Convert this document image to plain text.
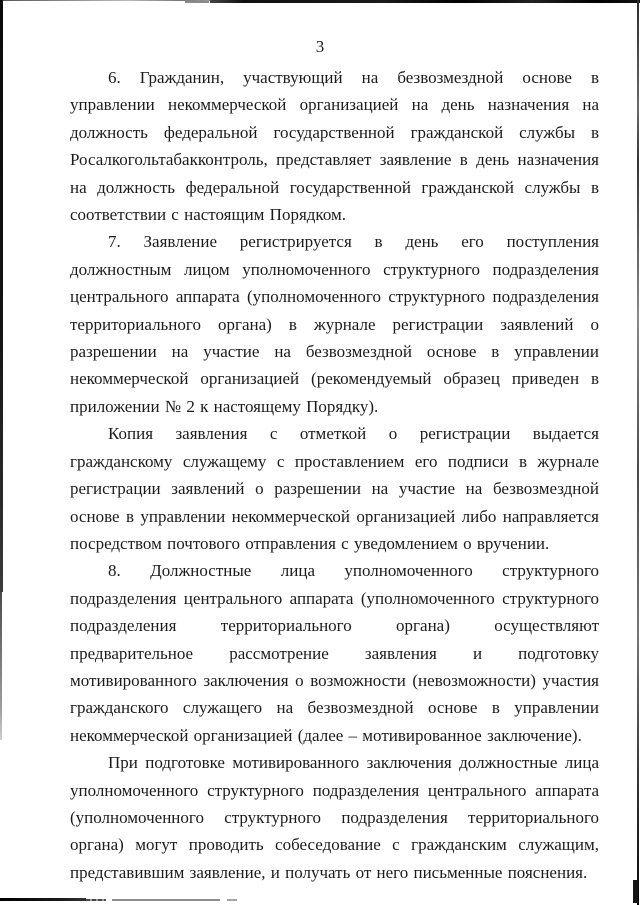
3

6. Гражданин, участвующий на безвозмездной основе в управлении некоммерческой организацией на день назначения на должность федеральной государственной гражданской службы в Росалкогольтабакконтроль, представляет заявление в день назначения на должность федеральной государственной гражданской службы в соответствии с настоящим Порядком.

7. Заявление регистрируется в день его поступления должностным лицом уполномоченного структурного подразделения центрального аппарата (уполномоченного структурного подразделения территориального органа) в журнале регистрации заявлений о разрешении на участие на безвозмездной основе в управлении некоммерческой организацией (рекомендуемый образец приведен в приложении № 2 к настоящему Порядку).

Копия заявления с отметкой о регистрации выдается гражданскому служащему с проставлением его подписи в журнале регистрации заявлений о разрешении на участие на безвозмездной основе в управлении некоммерческой организацией либо направляется посредством почтового отправления с уведомлением о вручении.

8. Должностные лица уполномоченного структурного подразделения центрального аппарата (уполномоченного структурного подразделения территориального органа) осуществляют предварительное рассмотрение заявления и подготовку мотивированного заключения о возможности (невозможности) участия гражданского служащего на безвозмездной основе в управлении некоммерческой организацией (далее – мотивированное заключение).

При подготовке мотивированного заключения должностные лица уполномоченного структурного подразделения центрального аппарата (уполномоченного структурного подразделения территориального органа) могут проводить собеседование с гражданским служащим, представившим заявление, и получать от него письменные пояснения.
